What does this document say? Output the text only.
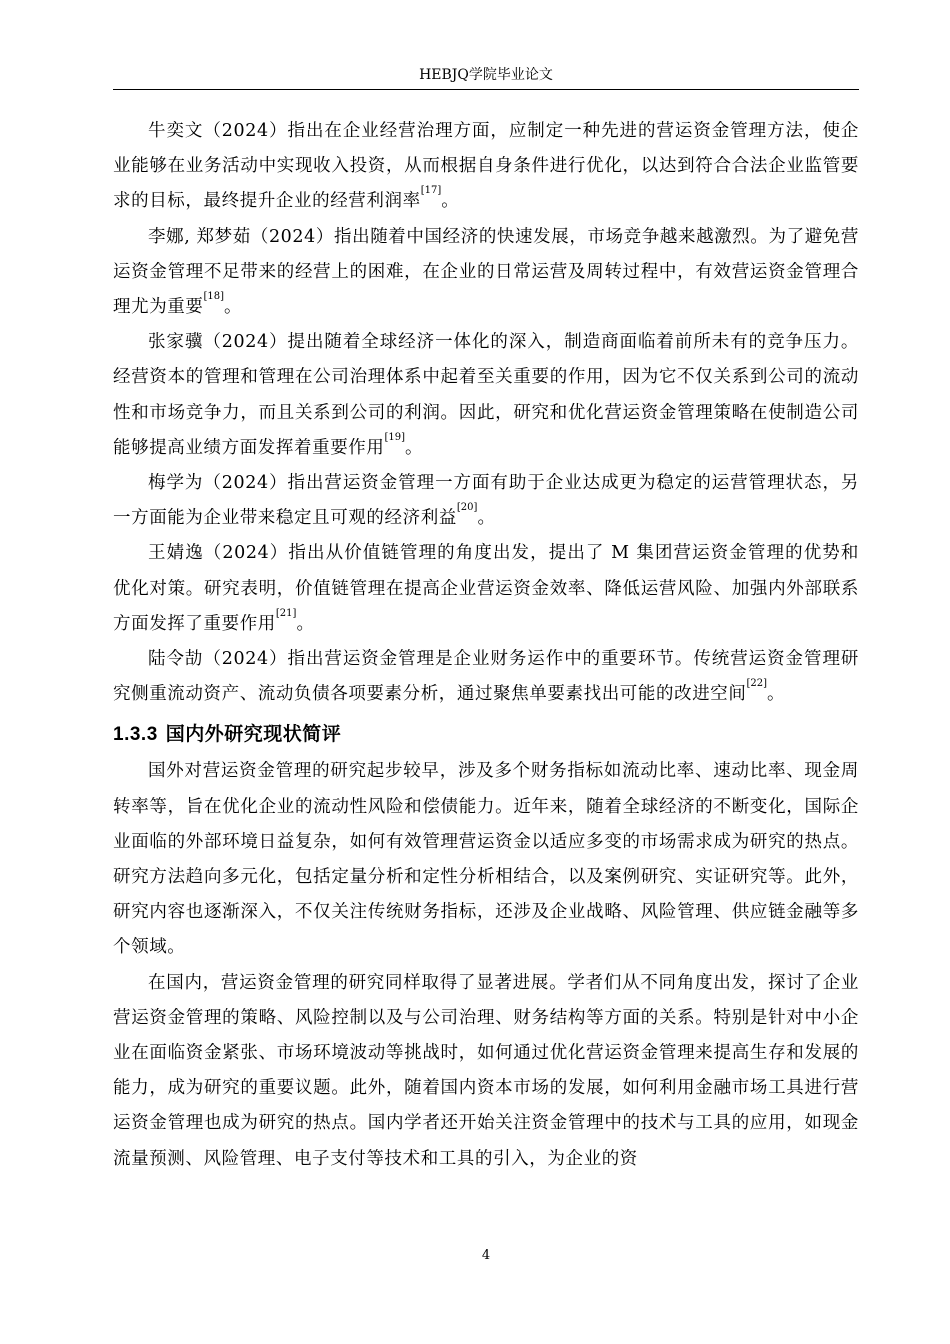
HEBJQ学院毕业论文

牛奕文（2024）指出在企业经营治理方面，应制定一种先进的营运资金管理方法，使企业能够在业务活动中实现收入投资，从而根据自身条件进行优化，以达到符合合法企业监管要求的目标，最终提升企业的经营利润率[17]。

李娜, 郑梦茹（2024）指出随着中国经济的快速发展，市场竞争越来越激烈。为了避免营运资金管理不足带来的经营上的困难，在企业的日常运营及周转过程中，有效营运资金管理合理尤为重要[18]。

张家骥（2024）提出随着全球经济一体化的深入，制造商面临着前所未有的竞争压力。经营资本的管理和管理在公司治理体系中起着至关重要的作用，因为它不仅关系到公司的流动性和市场竞争力，而且关系到公司的利润。因此，研究和优化营运资金管理策略在使制造公司能够提高业绩方面发挥着重要作用[19]。

梅学为（2024）指出营运资金管理一方面有助于企业达成更为稳定的运营管理状态，另一方面能为企业带来稳定且可观的经济利益[20]。

王婧逸（2024）指出从价值链管理的角度出发，提出了 M 集团营运资金管理的优势和优化对策。研究表明，价值链管理在提高企业营运资金效率、降低运营风险、加强内外部联系方面发挥了重要作用[21]。

陆令劼（2024）指出营运资金管理是企业财务运作中的重要环节。传统营运资金管理研究侧重流动资产、流动负债各项要素分析，通过聚焦单要素找出可能的改进空间[22]。

1.3.3 国内外研究现状简评

国外对营运资金管理的研究起步较早，涉及多个财务指标如流动比率、速动比率、现金周转率等，旨在优化企业的流动性风险和偿债能力。近年来，随着全球经济的不断变化，国际企业面临的外部环境日益复杂，如何有效管理营运资金以适应多变的市场需求成为研究的热点。研究方法趋向多元化，包括定量分析和定性分析相结合，以及案例研究、实证研究等。此外，研究内容也逐渐深入，不仅关注传统财务指标，还涉及企业战略、风险管理、供应链金融等多个领域。

在国内，营运资金管理的研究同样取得了显著进展。学者们从不同角度出发，探讨了企业营运资金管理的策略、风险控制以及与公司治理、财务结构等方面的关系。特别是针对中小企业在面临资金紧张、市场环境波动等挑战时，如何通过优化营运资金管理来提高生存和发展的能力，成为研究的重要议题。此外，随着国内资本市场的发展，如何利用金融市场工具进行营运资金管理也成为研究的热点。国内学者还开始关注资金管理中的技术与工具的应用，如现金流量预测、风险管理、电子支付等技术和工具的引入，为企业的资

4
